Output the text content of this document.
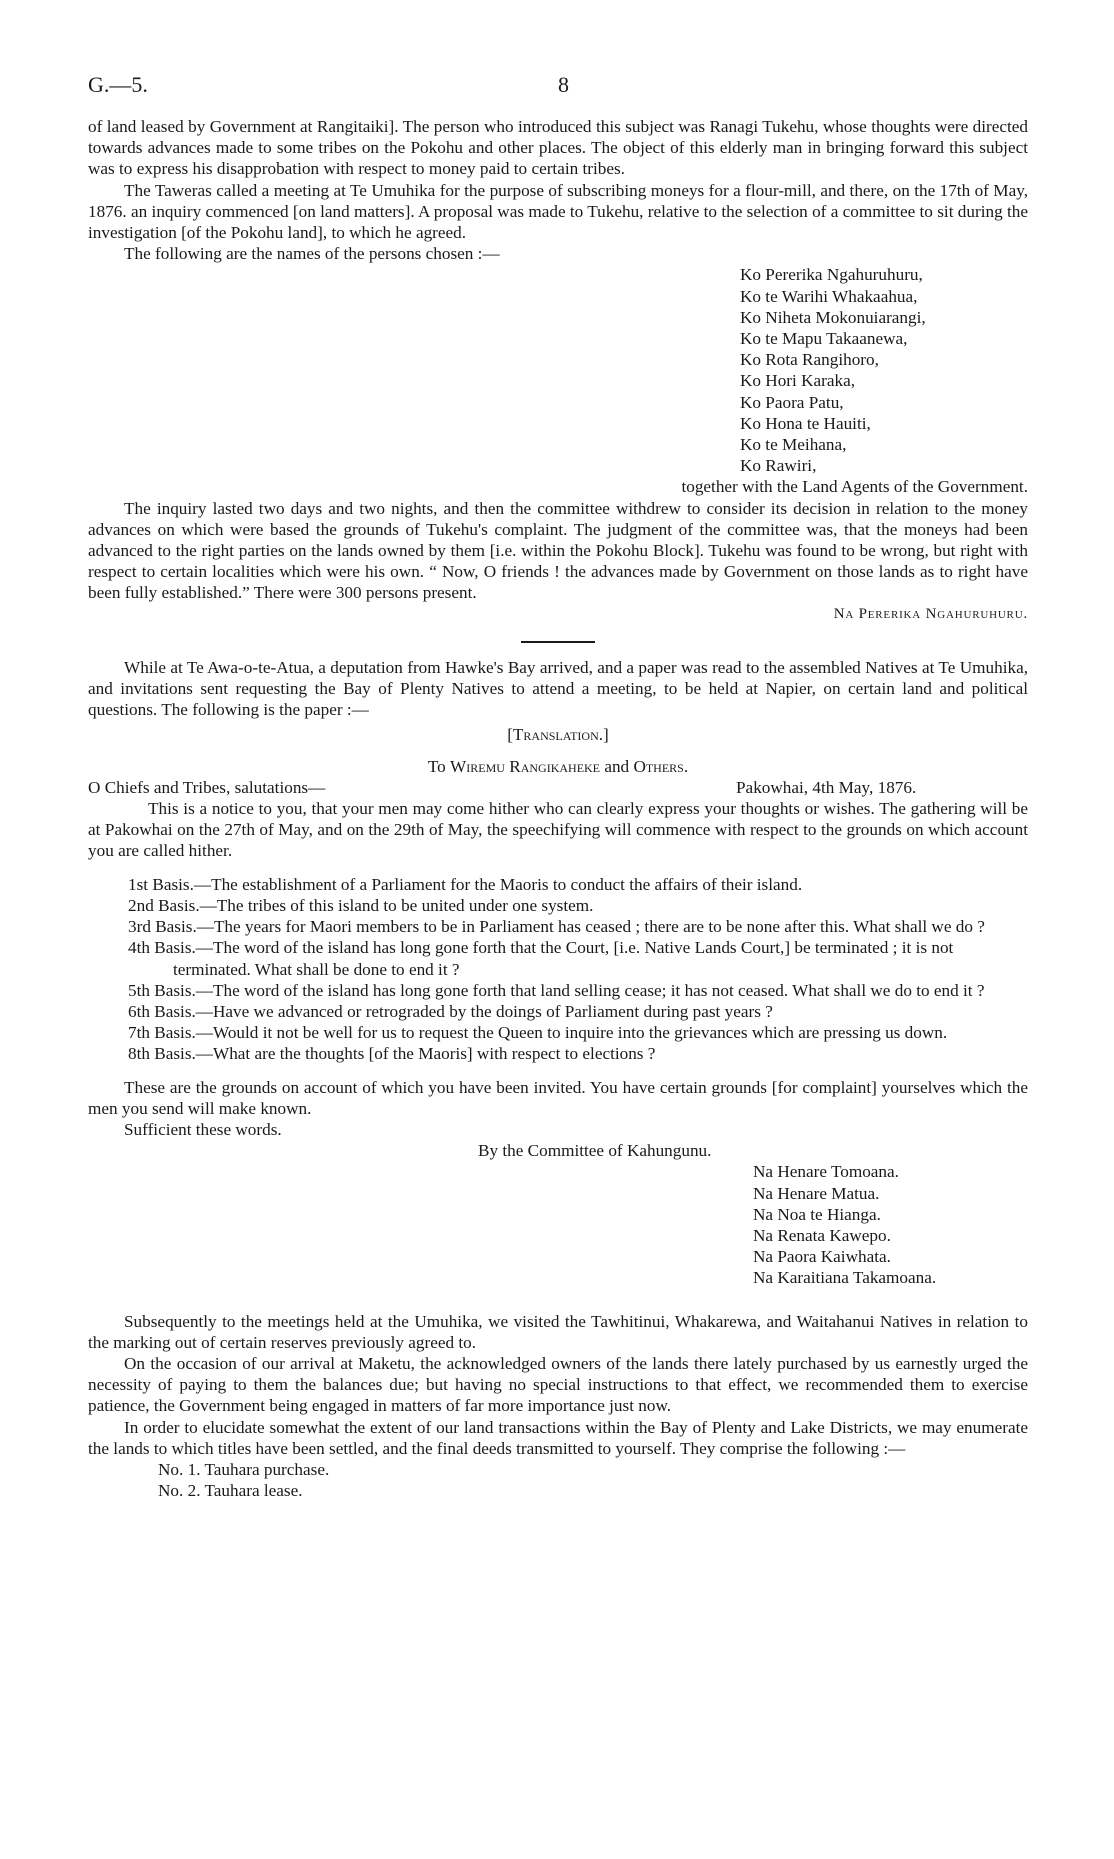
G.—5.	8

of land leased by Government at Rangitaiki]. The person who introduced this subject was Ranagi Tukehu, whose thoughts were directed towards advances made to some tribes on the Pokohu and other places. The object of this elderly man in bringing forward this subject was to express his disapprobation with respect to money paid to certain tribes.

The Taweras called a meeting at Te Umuhika for the purpose of subscribing moneys for a flour-mill, and there, on the 17th of May, 1876. an inquiry commenced [on land matters]. A proposal was made to Tukehu, relative to the selection of a committee to sit during the investigation [of the Pokohu land], to which he agreed.

The following are the names of the persons chosen :—

Ko Pererika Ngahuruhuru,
Ko te Warihi Whakaahua,
Ko Niheta Mokonuiarangi,
Ko te Mapu Takaanewa,
Ko Rota Rangihoro,
Ko Hori Karaka,
Ko Paora Patu,
Ko Hona te Hauiti,
Ko te Meihana,
Ko Rawiri,
together with the Land Agents of the Government.

The inquiry lasted two days and two nights, and then the committee withdrew to consider its decision in relation to the money advances on which were based the grounds of Tukehu's complaint. The judgment of the committee was, that the moneys had been advanced to the right parties on the lands owned by them [i.e. within the Pokohu Block]. Tukehu was found to be wrong, but right with respect to certain localities which were his own. “ Now, O friends ! the advances made by Government on those lands as to right have been fully established.” There were 300 persons present.

Na Pererika Ngahuruhuru.

While at Te Awa-o-te-Atua, a deputation from Hawke's Bay arrived, and a paper was read to the assembled Natives at Te Umuhika, and invitations sent requesting the Bay of Plenty Natives to attend a meeting, to be held at Napier, on certain land and political questions. The following is the paper :—

[Translation.]
To Wiremu Rangikaheke and Others.
O Chiefs and Tribes, salutations—	Pakowhai, 4th May, 1876.

This is a notice to you, that your men may come hither who can clearly express your thoughts or wishes. The gathering will be at Pakowhai on the 27th of May, and on the 29th of May, the speechifying will commence with respect to the grounds on which account you are called hither.

1st Basis.—The establishment of a Parliament for the Maoris to conduct the affairs of their island.
2nd Basis.—The tribes of this island to be united under one system.
3rd Basis.—The years for Maori members to be in Parliament has ceased ; there are to be none after this. What shall we do ?
4th Basis.—The word of the island has long gone forth that the Court, [i.e. Native Lands Court,] be terminated ; it is not terminated. What shall be done to end it ?
5th Basis.—The word of the island has long gone forth that land selling cease; it has not ceased. What shall we do to end it ?
6th Basis.—Have we advanced or retrograded by the doings of Parliament during past years ?
7th Basis.—Would it not be well for us to request the Queen to inquire into the grievances which are pressing us down.
8th Basis.—What are the thoughts [of the Maoris] with respect to elections ?

These are the grounds on account of which you have been invited. You have certain grounds [for complaint] yourselves which the men you send will make known.

Sufficient these words.

By the Committee of Kahungunu.
Na Henare Tomoana.
Na Henare Matua.
Na Noa te Hianga.
Na Renata Kawepo.
Na Paora Kaiwhata.
Na Karaitiana Takamoana.

Subsequently to the meetings held at the Umuhika, we visited the Tawhitinui, Whakarewa, and Waitahanui Natives in relation to the marking out of certain reserves previously agreed to.

On the occasion of our arrival at Maketu, the acknowledged owners of the lands there lately purchased by us earnestly urged the necessity of paying to them the balances due; but having no special instructions to that effect, we recommended them to exercise patience, the Government being engaged in matters of far more importance just now.

In order to elucidate somewhat the extent of our land transactions within the Bay of Plenty and Lake Districts, we may enumerate the lands to which titles have been settled, and the final deeds transmitted to yourself. They comprise the following :—

No. 1. Tauhara purchase.
No. 2. Tauhara lease.
